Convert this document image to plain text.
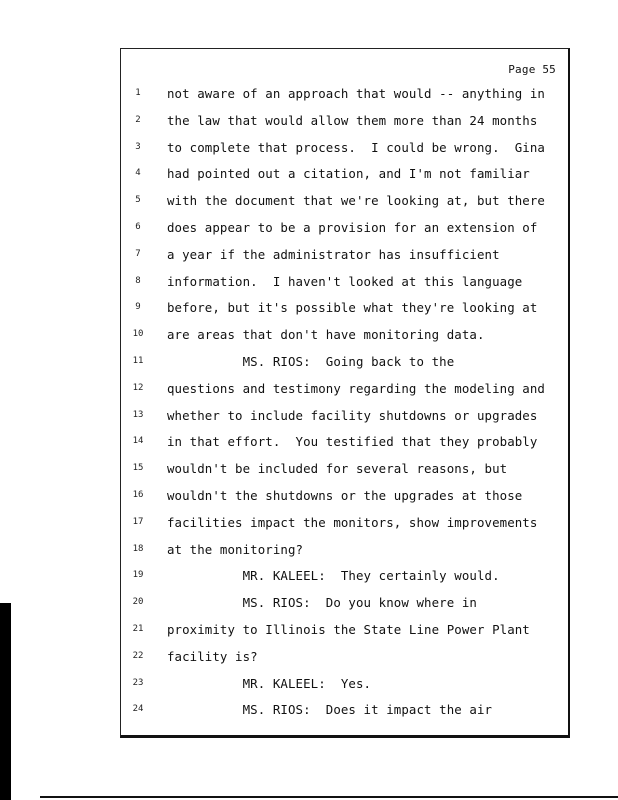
Page 55
1	not aware of an approach that would -- anything in
2	the law that would allow them more than 24 months
3	to complete that process.  I could be wrong.  Gina
4	had pointed out a citation, and I'm not familiar
5	with the document that we're looking at, but there
6	does appear to be a provision for an extension of
7	a year if the administrator has insufficient
8	information.  I haven't looked at this language
9	before, but it's possible what they're looking at
10	are areas that don't have monitoring data.
11	MS. RIOS:  Going back to the
12	questions and testimony regarding the modeling and
13	whether to include facility shutdowns or upgrades
14	in that effort.  You testified that they probably
15	wouldn't be included for several reasons, but
16	wouldn't the shutdowns or the upgrades at those
17	facilities impact the monitors, show improvements
18	at the monitoring?
19	MR. KALEEL:  They certainly would.
20	MS. RIOS:  Do you know where in
21	proximity to Illinois the State Line Power Plant
22	facility is?
23	MR. KALEEL:  Yes.
24	MS. RIOS:  Does it impact the air
